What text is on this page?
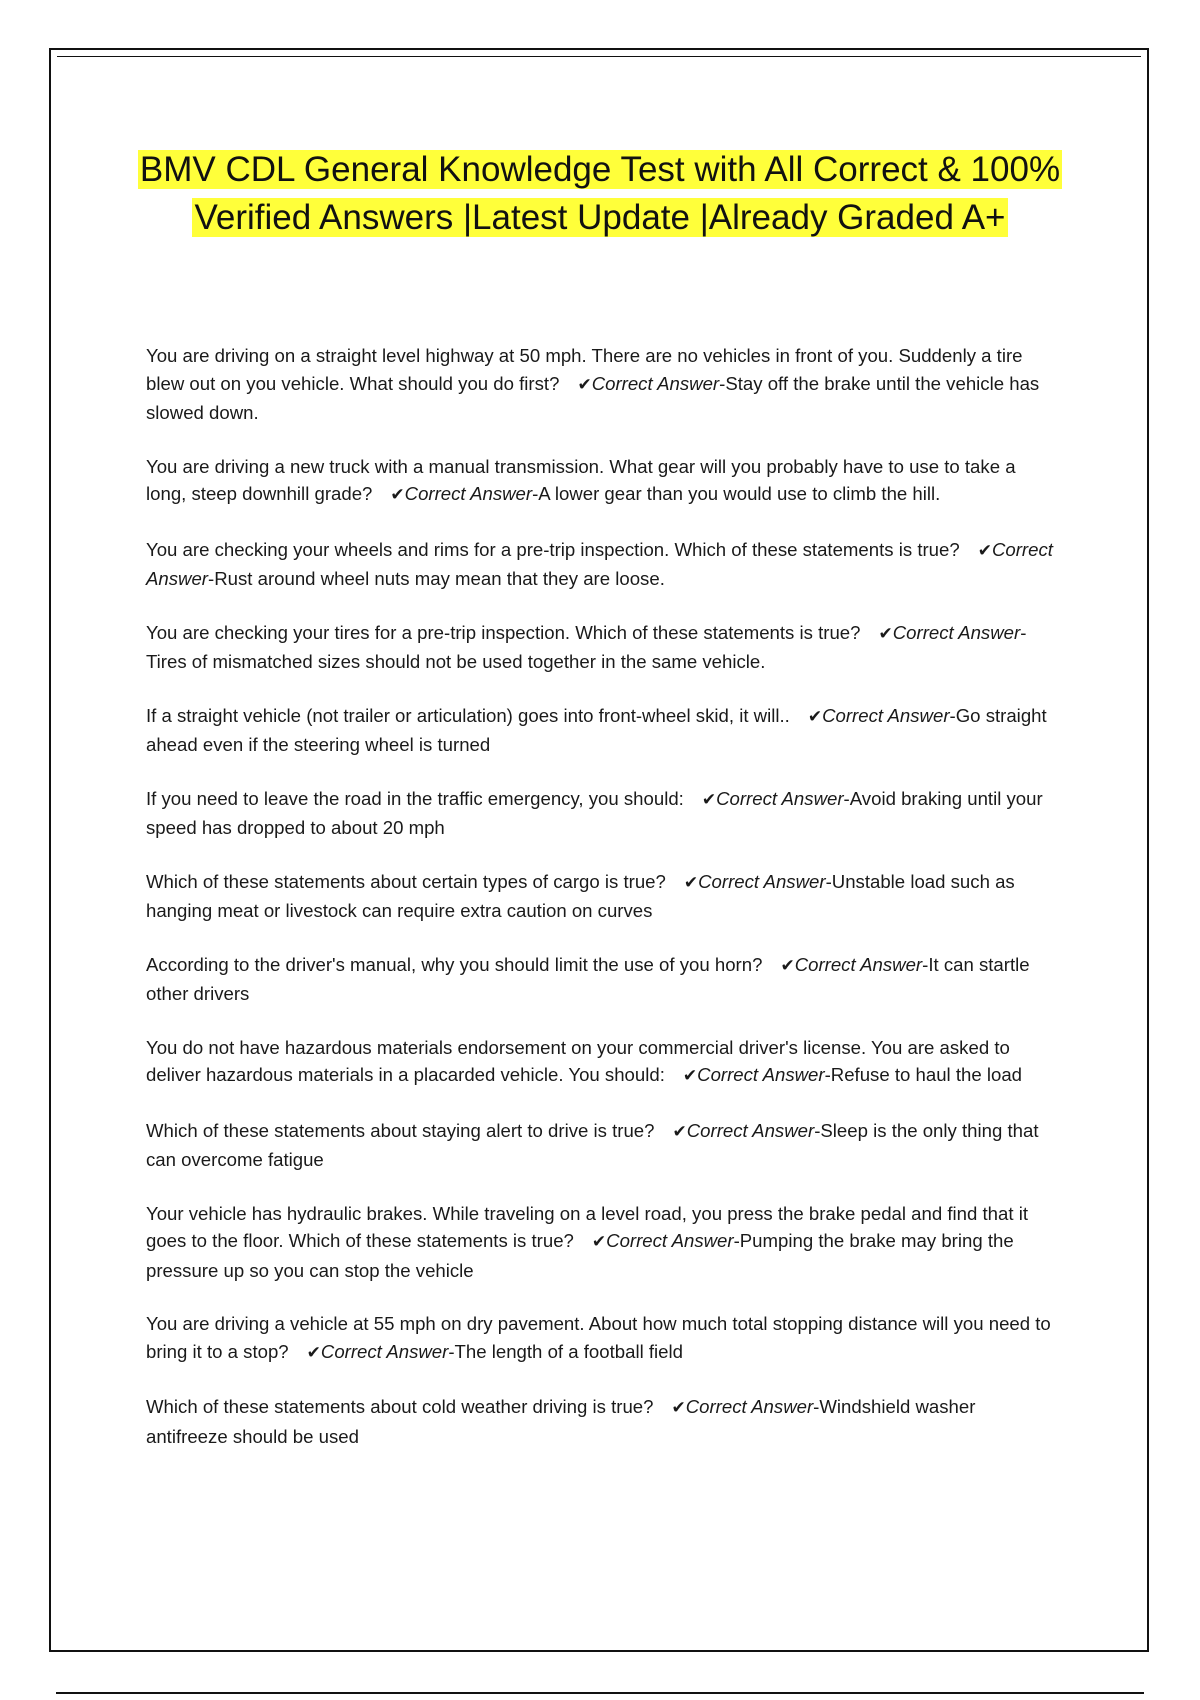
BMV CDL General Knowledge Test with All Correct & 100% Verified Answers |Latest Update |Already Graded A+

You are driving on a straight level highway at 50 mph. There are no vehicles in front of you. Suddenly a tire blew out on you vehicle. What should you do first? ✔Correct Answer-Stay off the brake until the vehicle has slowed down.

You are driving a new truck with a manual transmission. What gear will you probably have to use to take a long, steep downhill grade? ✔Correct Answer-A lower gear than you would use to climb the hill.

You are checking your wheels and rims for a pre-trip inspection. Which of these statements is true? ✔Correct Answer-Rust around wheel nuts may mean that they are loose.

You are checking your tires for a pre-trip inspection. Which of these statements is true? ✔Correct Answer-Tires of mismatched sizes should not be used together in the same vehicle.

If a straight vehicle (not trailer or articulation) goes into front-wheel skid, it will.. ✔Correct Answer-Go straight ahead even if the steering wheel is turned

If you need to leave the road in the traffic emergency, you should: ✔Correct Answer-Avoid braking until your speed has dropped to about 20 mph

Which of these statements about certain types of cargo is true? ✔Correct Answer-Unstable load such as hanging meat or livestock can require extra caution on curves

According to the driver's manual, why you should limit the use of you horn? ✔Correct Answer-It can startle other drivers

You do not have hazardous materials endorsement on your commercial driver's license. You are asked to deliver hazardous materials in a placarded vehicle. You should: ✔Correct Answer-Refuse to haul the load

Which of these statements about staying alert to drive is true? ✔Correct Answer-Sleep is the only thing that can overcome fatigue

Your vehicle has hydraulic brakes. While traveling on a level road, you press the brake pedal and find that it goes to the floor. Which of these statements is true? ✔Correct Answer-Pumping the brake may bring the pressure up so you can stop the vehicle

You are driving a vehicle at 55 mph on dry pavement. About how much total stopping distance will you need to bring it to a stop? ✔Correct Answer-The length of a football field

Which of these statements about cold weather driving is true? ✔Correct Answer-Windshield washer antifreeze should be used
